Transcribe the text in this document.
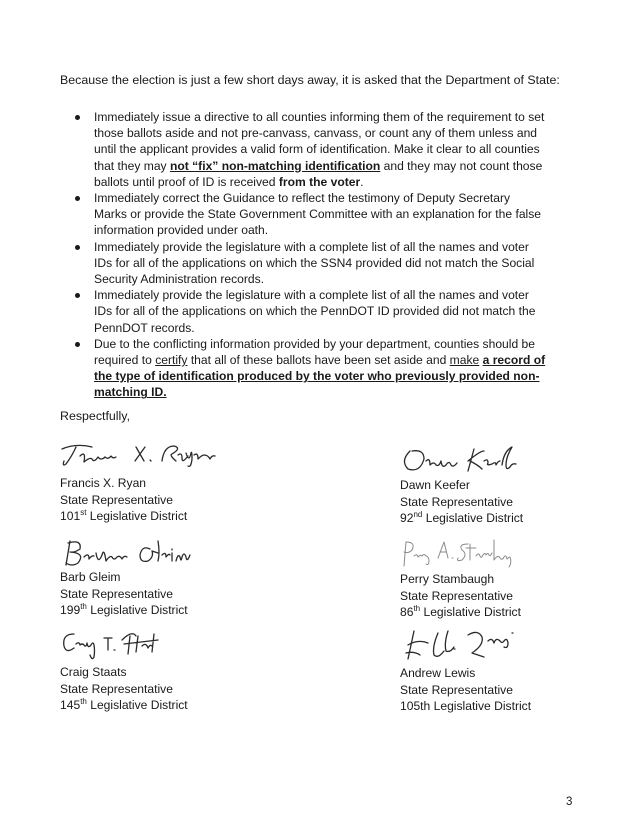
Because the election is just a few short days away, it is asked that the Department of State:

Immediately issue a directive to all counties informing them of the requirement to set those ballots aside and not pre-canvass, canvass, or count any of them unless and until the applicant provides a valid form of identification. Make it clear to all counties that they may not “fix” non-matching identification and they may not count those ballots until proof of ID is received from the voter.
Immediately correct the Guidance to reflect the testimony of Deputy Secretary Marks or provide the State Government Committee with an explanation for the false information provided under oath.
Immediately provide the legislature with a complete list of all the names and voter IDs for all of the applications on which the SSN4 provided did not match the Social Security Administration records.
Immediately provide the legislature with a complete list of all the names and voter IDs for all of the applications on which the PennDOT ID provided did not match the PennDOT records.
Due to the conflicting information provided by your department, counties should be required to certify that all of these ballots have been set aside and make a record of the type of identification produced by the voter who previously provided non-matching ID.

Respectfully,

Francis X. Ryan
State Representative
101st Legislative District
Dawn Keefer
State Representative
92nd Legislative District
Barb Gleim
State Representative
199th Legislative District
Perry Stambaugh
State Representative
86th Legislative District
Craig Staats
State Representative
145th Legislative District
Andrew Lewis
State Representative
105th Legislative District
3
